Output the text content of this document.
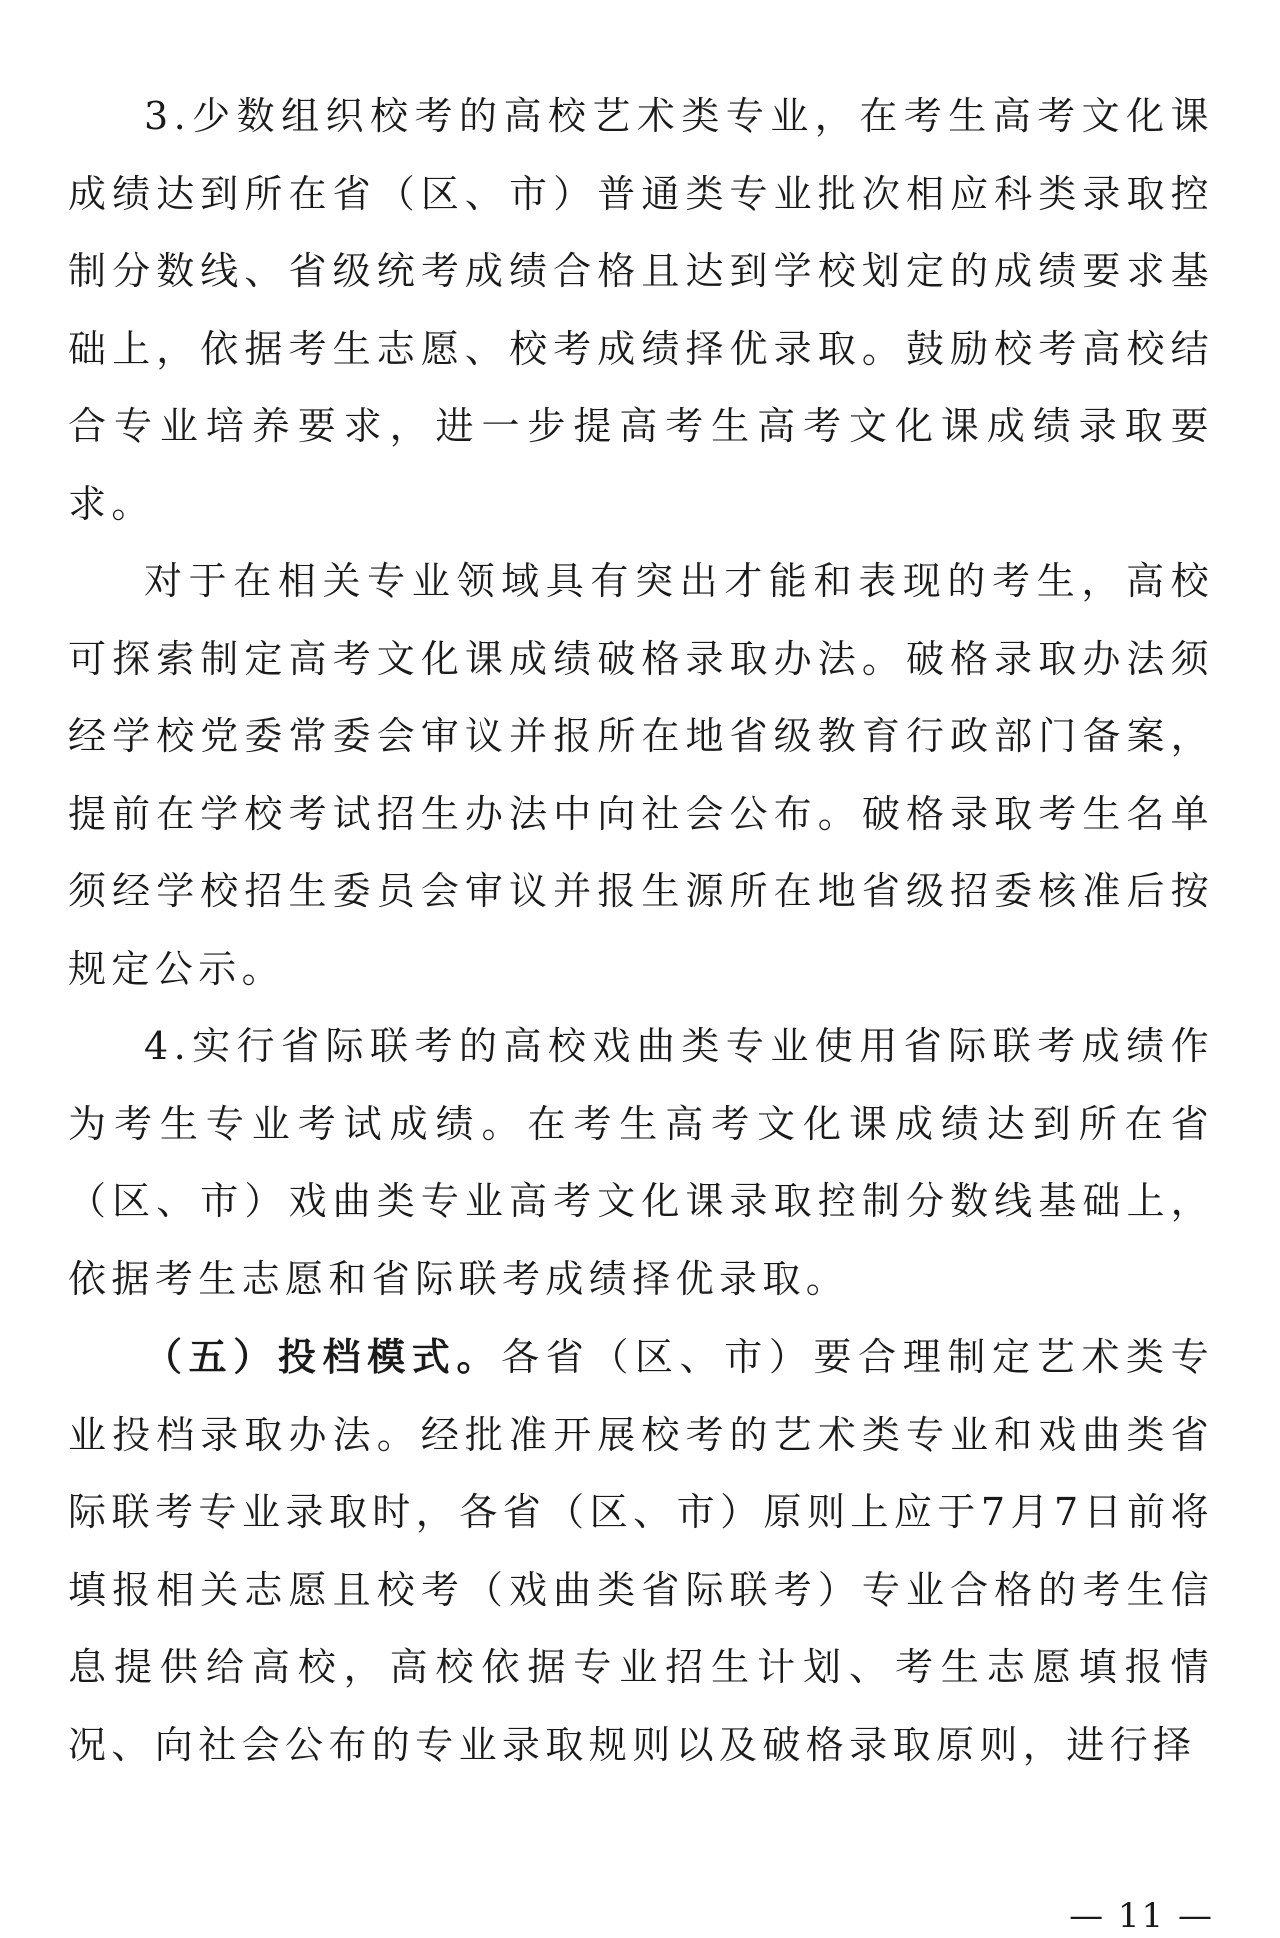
3.少数组织校考的高校艺术类专业，在考生高考文化课成绩达到所在省（区、市）普通类专业批次相应科类录取控制分数线、省级统考成绩合格且达到学校划定的成绩要求基础上，依据考生志愿、校考成绩择优录取。鼓励校考高校结合专业培养要求，进一步提高考生高考文化课成绩录取要求。

对于在相关专业领域具有突出才能和表现的考生，高校可探索制定高考文化课成绩破格录取办法。破格录取办法须经学校党委常委会审议并报所在地省级教育行政部门备案，提前在学校考试招生办法中向社会公布。破格录取考生名单须经学校招生委员会审议并报生源所在地省级招委核准后按规定公示。

4.实行省际联考的高校戏曲类专业使用省际联考成绩作为考生专业考试成绩。在考生高考文化课成绩达到所在省（区、市）戏曲类专业高考文化课录取控制分数线基础上，依据考生志愿和省际联考成绩择优录取。

（五）投档模式。各省（区、市）要合理制定艺术类专业投档录取办法。经批准开展校考的艺术类专业和戏曲类省际联考专业录取时，各省（区、市）原则上应于7月7日前将填报相关志愿且校考（戏曲类省际联考）专业合格的考生信息提供给高校，高校依据专业招生计划、考生志愿填报情况、向社会公布的专业录取规则以及破格录取原则，进行择

— 11 —
